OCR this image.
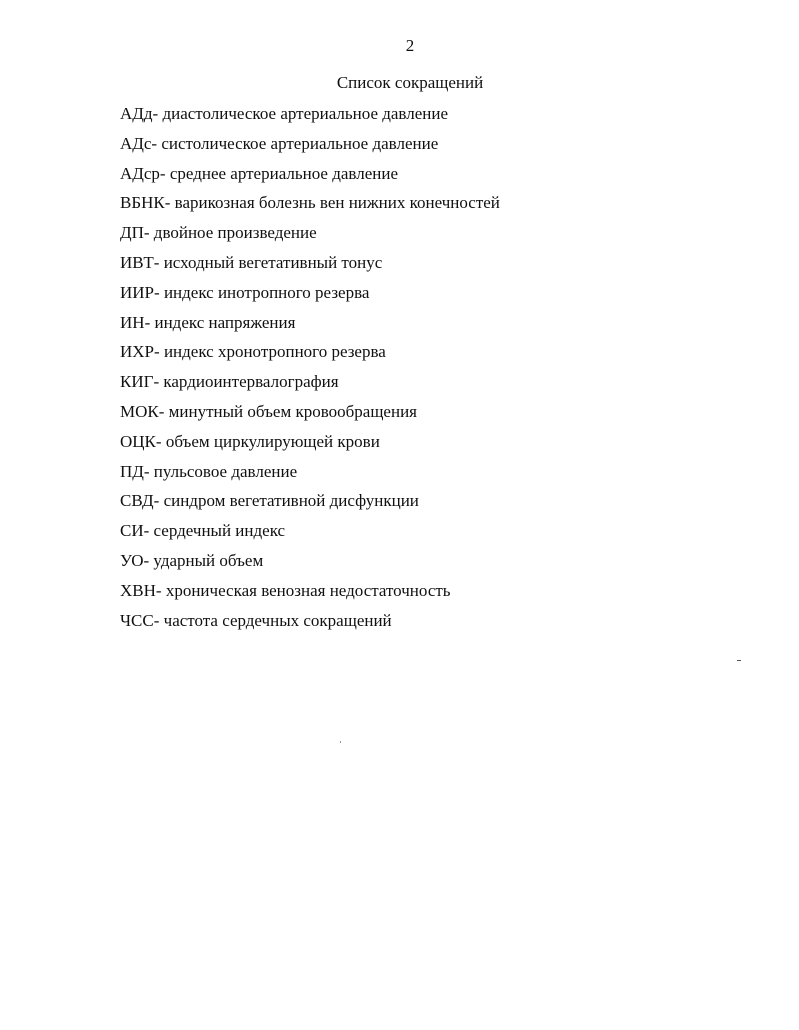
2
Список сокращений
АДд- диастолическое артериальное давление
АДс- систолическое артериальное давление
АДср- среднее артериальное давление
ВБНК- варикозная болезнь вен нижних конечностей
ДП- двойное произведение
ИВТ- исходный вегетативный тонус
ИИР- индекс инотропного резерва
ИН- индекс напряжения
ИХР- индекс хронотропного резерва
КИГ- кардиоинтервалография
МОК- минутный объем кровообращения
ОЦК- объем циркулирующей крови
ПД- пульсовое давление
СВД- синдром вегетативной дисфункции
СИ- сердечный индекс
УО- ударный объем
ХВН- хроническая венозная недостаточность
ЧСС- частота сердечных сокращений
